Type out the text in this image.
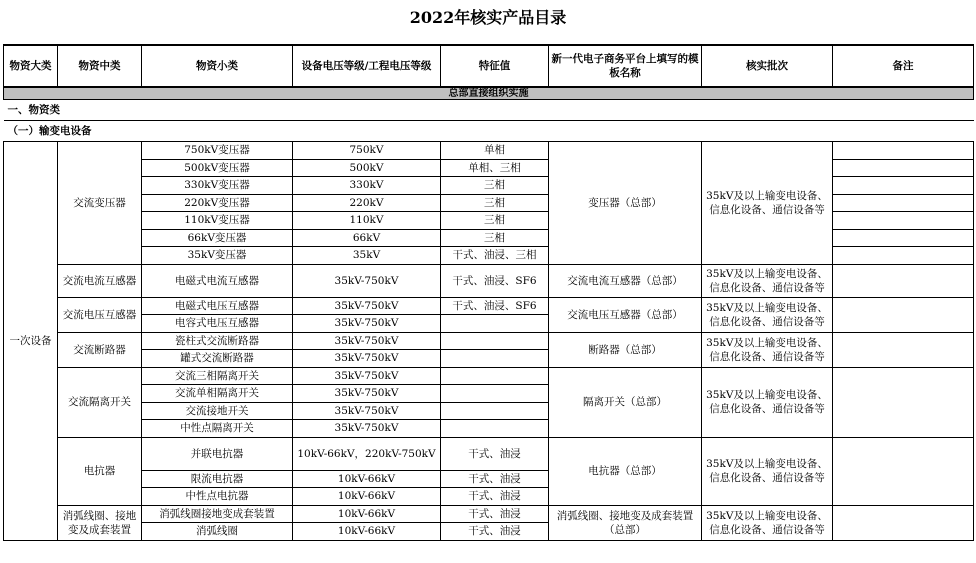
2022年核实产品目录
物资大类	物资中类	物资小类	设备电压等级/工程电压等级	特征值	新一代电子商务平台上填写的模板名称	核实批次	备注
总部直接组织实施							
一、物资类							
（一）输变电设备							
一次设备	交流变压器	750kV变压器	750kV	单相	变压器（总部）	35kV及以上输变电设备、信息化设备、通信设备等	
		500kV变压器	500kV	单相、三相			
		330kV变压器	330kV	三相			
		220kV变压器	220kV	三相			
		110kV变压器	110kV	三相			
		66kV变压器	66kV	三相			
		35kV变压器	35kV	干式、油浸、三相			
	交流电流互感器	电磁式电流互感器	35kV-750kV	干式、油浸、SF6	交流电流互感器（总部）	35kV及以上输变电设备、信息化设备、通信设备等	
	交流电压互感器	电磁式电压互感器	35kV-750kV	干式、油浸、SF6	交流电压互感器（总部）	35kV及以上输变电设备、信息化设备、通信设备等	
		电容式电压互感器	35kV-750kV				
	交流断路器	瓷柱式交流断路器	35kV-750kV		断路器（总部）	35kV及以上输变电设备、信息化设备、通信设备等	
		罐式交流断路器	35kV-750kV				
	交流隔离开关	交流三相隔离开关	35kV-750kV		隔离开关（总部）	35kV及以上输变电设备、信息化设备、通信设备等	
		交流单相隔离开关	35kV-750kV				
		交流接地开关	35kV-750kV				
		中性点隔离开关	35kV-750kV				
	电抗器	并联电抗器	10kV-66kV，220kV-750kV	干式、油浸	电抗器（总部）	35kV及以上输变电设备、信息化设备、通信设备等	
		限流电抗器	10kV-66kV	干式、油浸			
		中性点电抗器	10kV-66kV	干式、油浸			
	消弧线圈、接地变及成套装置	消弧线圈接地变成套装置	10kV-66kV	干式、油浸	消弧线圈、接地变及成套装置（总部）	35kV及以上输变电设备、信息化设备、通信设备等	
		消弧线圈	10kV-66kV	干式、油浸			
